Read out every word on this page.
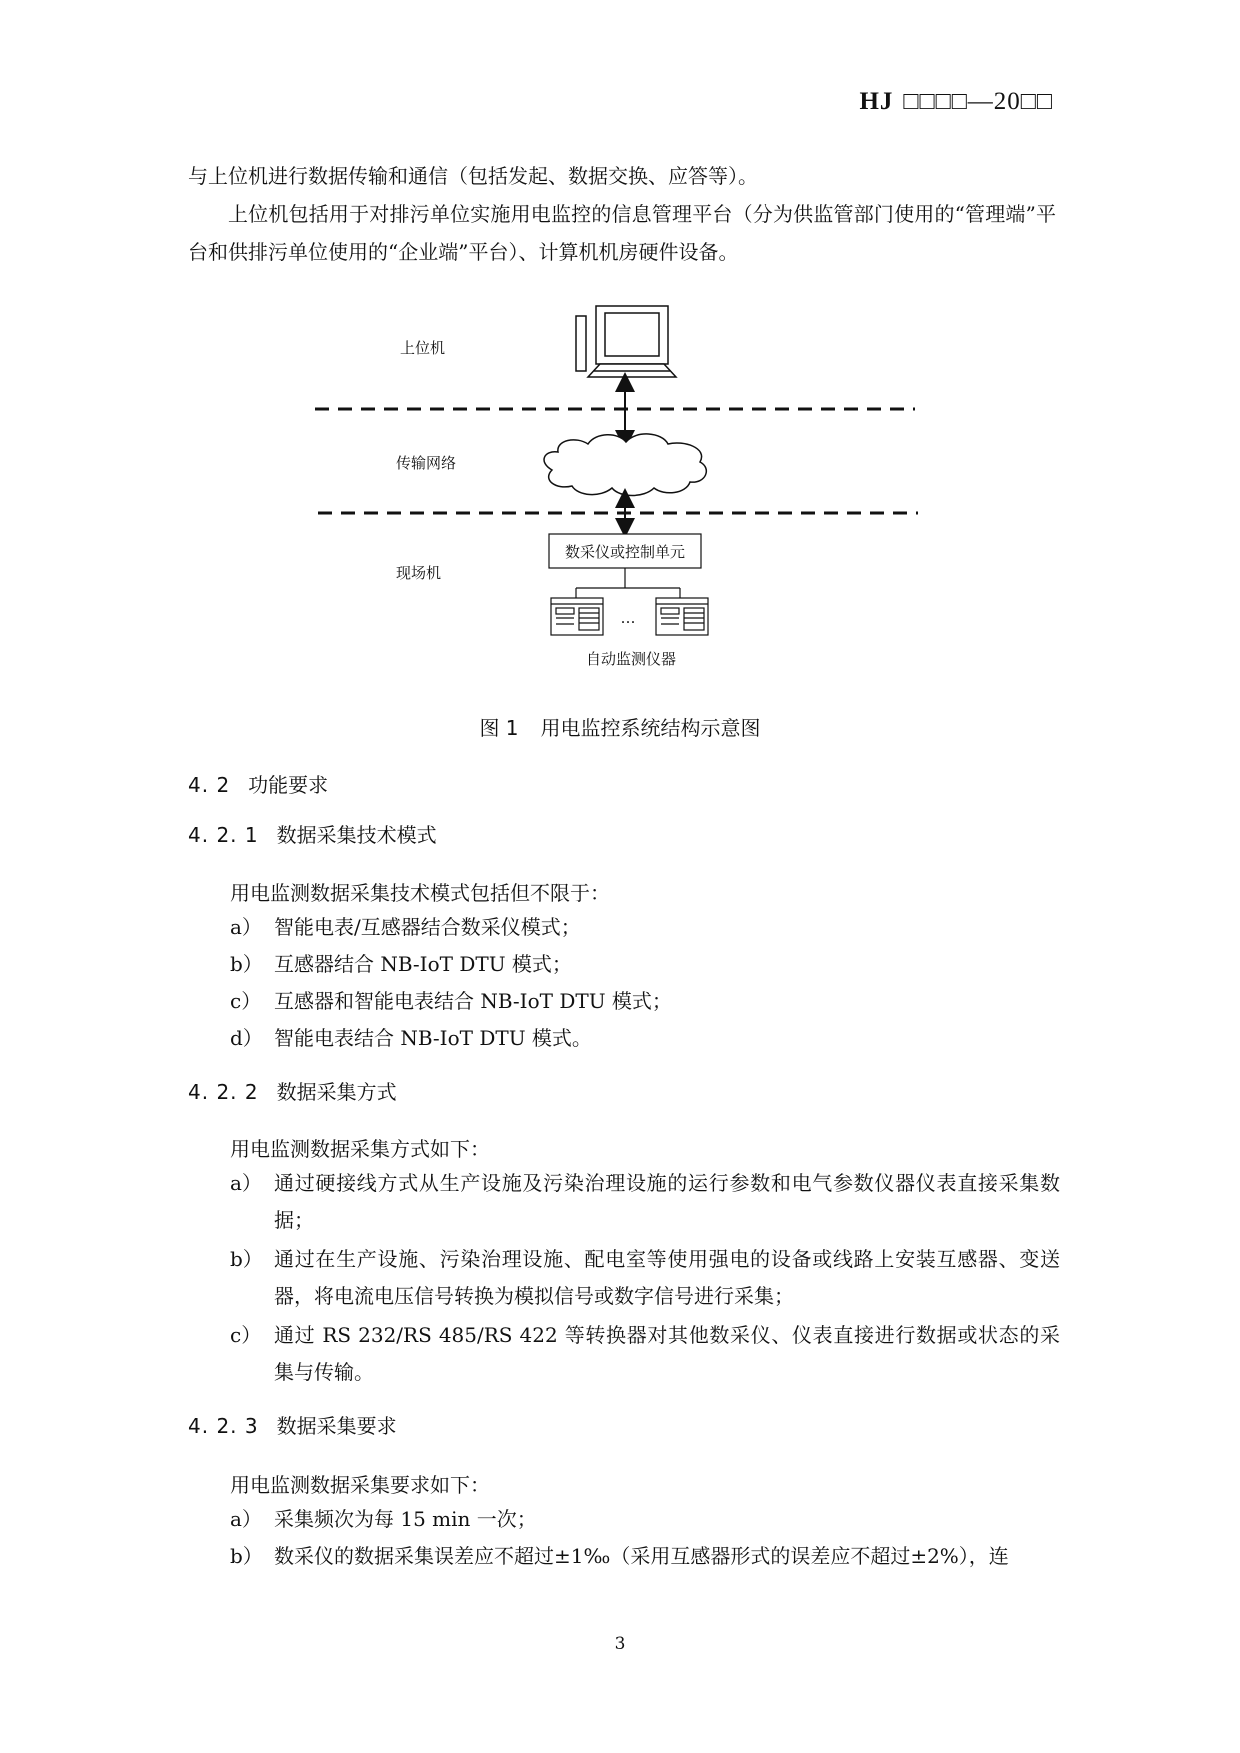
HJ □□□□—20□□

与上位机进行数据传输和通信（包括发起、数据交换、应答等）。

上位机包括用于对排污单位实施用电监控的信息管理平台（分为供监管部门使用的“管理端”平台和供排污单位使用的“企业端”平台）、计算机机房硬件设备。

上位机
传输网络
现场机
数采仪或控制单元
…
自动监测仪器
图 1 用电监控系统结构示意图
4. 2 功能要求
4. 2. 1 数据采集技术模式
用电监测数据采集技术模式包括但不限于：
a） 智能电表/互感器结合数采仪模式；
b） 互感器结合 NB-IoT DTU 模式；
c） 互感器和智能电表结合 NB-IoT DTU 模式；
d） 智能电表结合 NB-IoT DTU 模式。
4. 2. 2 数据采集方式
用电监测数据采集方式如下：
a） 通过硬接线方式从生产设施及污染治理设施的运行参数和电气参数仪器仪表直接采集数据；
b） 通过在生产设施、污染治理设施、配电室等使用强电的设备或线路上安装互感器、变送器，将电流电压信号转换为模拟信号或数字信号进行采集；
c） 通过 RS 232/RS 485/RS 422 等转换器对其他数采仪、仪表直接进行数据或状态的采集与传输。
4. 2. 3 数据采集要求
用电监测数据采集要求如下：
a） 采集频次为每 15 min 一次；
b） 数采仪的数据采集误差应不超过±1‰（采用互感器形式的误差应不超过±2%），连
3
